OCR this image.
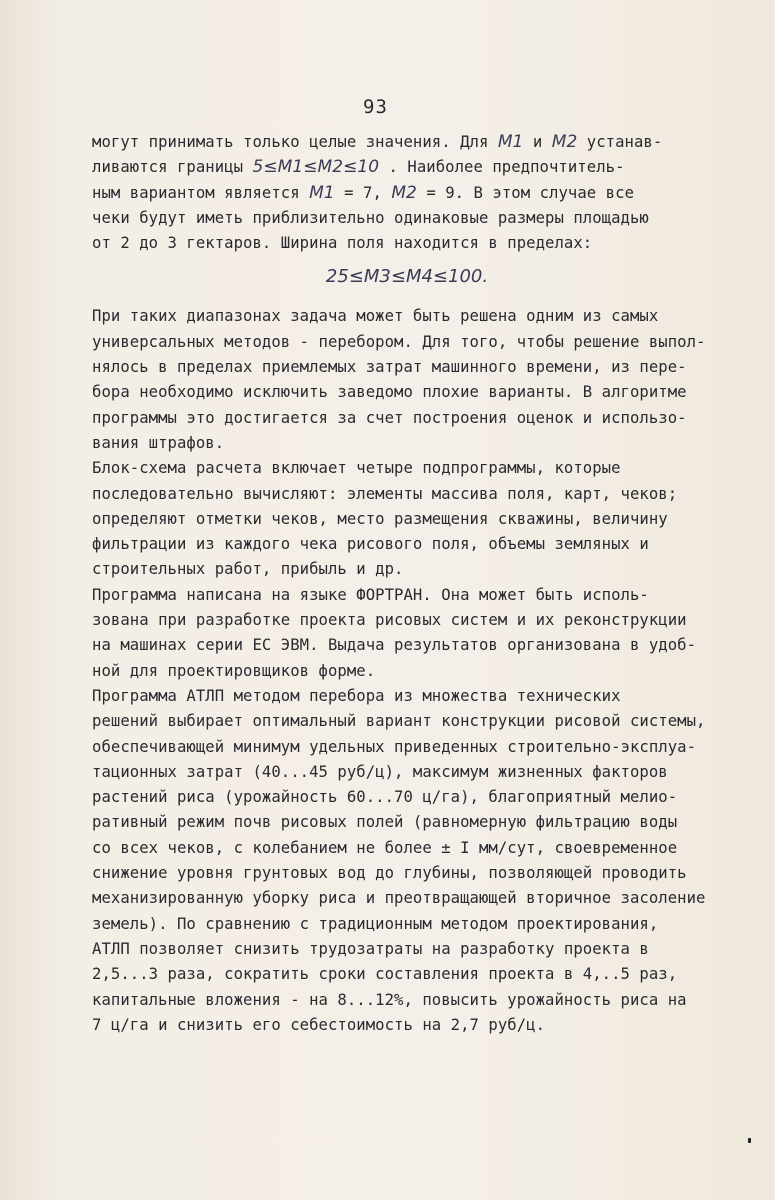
93
могут принимать только целые значения. Для M1 и M2 устанав-
ливаются границы 5≤M1≤M2≤10 . Наиболее предпочтитель-
ным вариантом является M1 = 7, M2 = 9. В этом случае все
чеки будут иметь приблизительно одинаковые размеры площадью
от 2 до 3 гектаров. Ширина поля находится в пределах:
25≤M3≤M4≤100.
При таких диапазонах задача может быть решена одним из самых
универсальных методов - перебором. Для того, чтобы решение выпол-
нялось в пределах приемлемых затрат машинного времени, из пере-
бора необходимо исключить заведомо плохие варианты. В алгоритме
программы это достигается за счет построения оценок и использо-
вания штрафов.
Блок-схема расчета включает четыре подпрограммы, которые
последовательно вычисляют: элементы массива поля, карт, чеков;
определяют отметки чеков, место размещения скважины, величину
фильтрации из каждого чека рисового поля, объемы земляных и
строительных работ, прибыль и др.
Программа написана на языке ФОРТРАН. Она может быть исполь-
зована при разработке проекта рисовых систем и их реконструкции
на машинах серии ЕС ЭВМ. Выдача результатов организована в удоб-
ной для проектировщиков форме.
Программа АТЛП методом перебора из множества технических
решений выбирает оптимальный вариант конструкции рисовой системы,
обеспечивающей минимум удельных приведенных строительно-эксплуа-
тационных затрат (40...45 руб/ц), максимум жизненных факторов
растений риса (урожайность 60...70 ц/га), благоприятный мелио-
ративный режим почв рисовых полей (равномерную фильтрацию воды
со всех чеков, с колебанием не более ± I мм/сут, своевременное
снижение уровня грунтовых вод до глубины, позволяющей проводить
механизированную уборку риса и преотвращающей вторичное засоление
земель). По сравнению с традиционным методом проектирования,
АТЛП позволяет снизить трудозатраты на разработку проекта в
2,5...3 раза, сократить сроки составления проекта в 4,..5 раз,
капитальные вложения - на 8...12%, повысить урожайность риса на
7 ц/га и снизить его себестоимость на 2,7 руб/ц.
